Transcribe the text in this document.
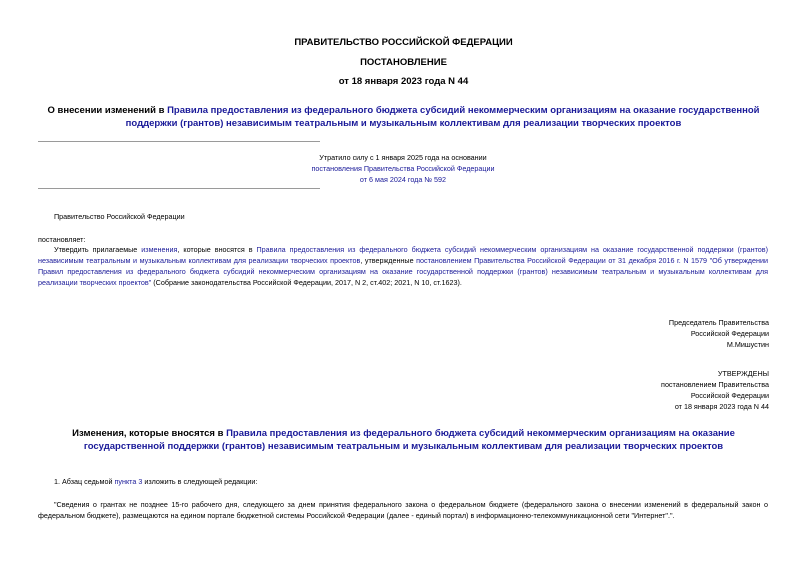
ПРАВИТЕЛЬСТВО РОССИЙСКОЙ ФЕДЕРАЦИИ
ПОСТАНОВЛЕНИЕ
от 18 января 2023 года N 44
О внесении изменений в Правила предоставления из федерального бюджета субсидий некоммерческим организациям на оказание государственной поддержки (грантов) независимым театральным и музыкальным коллективам для реализации творческих проектов
Утратило силу с 1 января 2025 года на основании
постановления Правительства Российской Федерации
от 6 мая 2024 года № 592
Правительство Российской Федерации
постановляет:
Утвердить прилагаемые изменения, которые вносятся в Правила предоставления из федерального бюджета субсидий некоммерческим организациям на оказание государственной поддержки (грантов) независимым театральным и музыкальным коллективам для реализации творческих проектов, утвержденные постановлением Правительства Российской Федерации от 31 декабря 2016 г. N 1579 "Об утверждении Правил предоставления из федерального бюджета субсидий некоммерческим организациям на оказание государственной поддержки (грантов) независимым театральным и музыкальным коллективам для реализации творческих проектов" (Собрание законодательства Российской Федерации, 2017, N 2, ст.402; 2021, N 10, ст.1623).
Председатель Правительства
Российской Федерации
М.Мишустин
УТВЕРЖДЕНЫ
постановлением Правительства
Российской Федерации
от 18 января 2023 года N 44
Изменения, которые вносятся в Правила предоставления из федерального бюджета субсидий некоммерческим организациям на оказание государственной поддержки (грантов) независимым театральным и музыкальным коллективам для реализации творческих проектов
1. Абзац седьмой пункта 3 изложить в следующей редакции:
"Сведения о грантах не позднее 15-го рабочего дня, следующего за днем принятия федерального закона о федеральном бюджете (федерального закона о внесении изменений в федеральный закон о федеральном бюджете), размещаются на едином портале бюджетной системы Российской Федерации (далее - единый портал) в информационно-телекоммуникационной сети "Интернет".".
